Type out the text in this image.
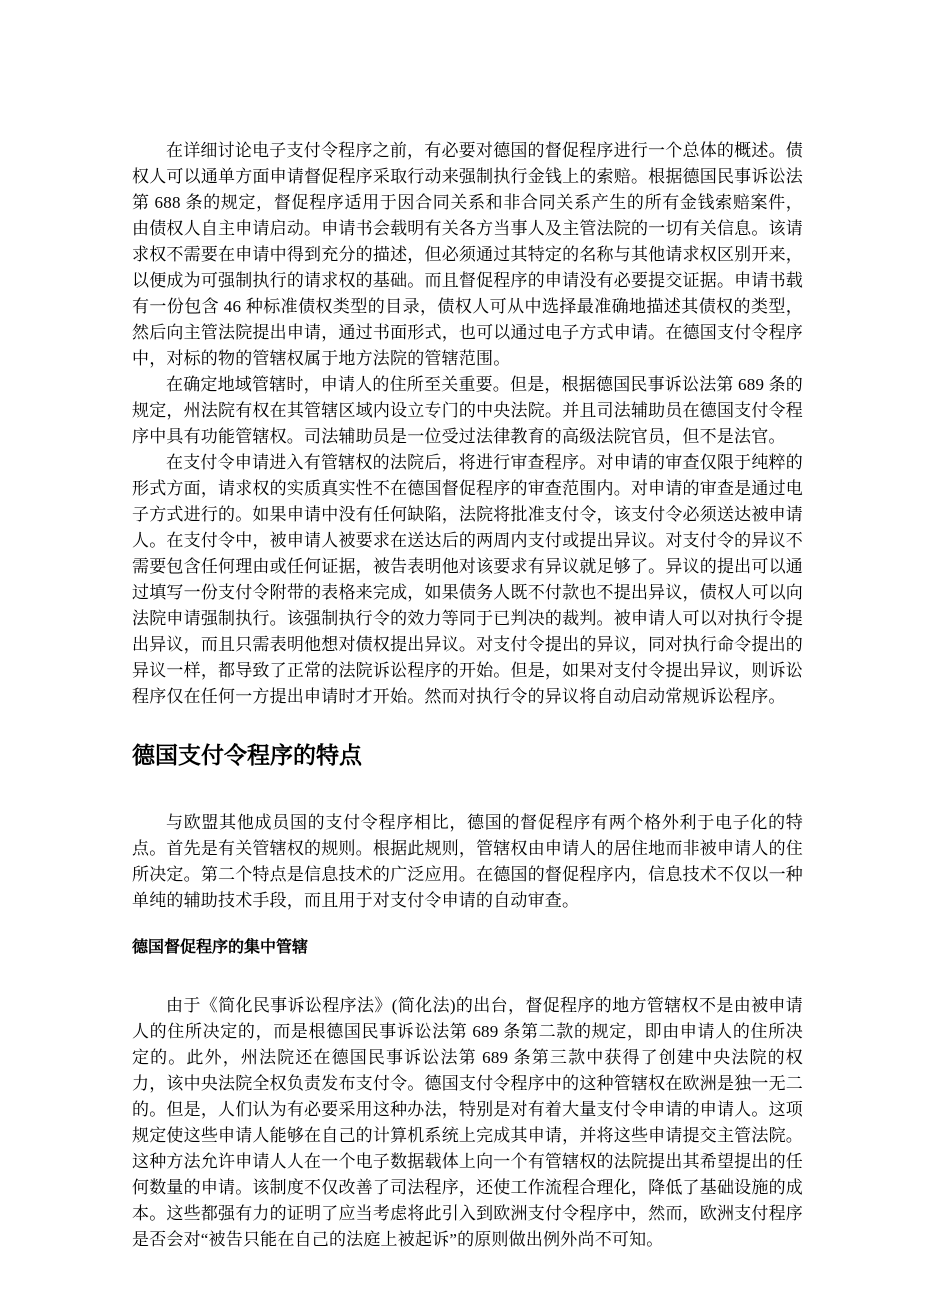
在详细讨论电子支付令程序之前，有必要对德国的督促程序进行一个总体的概述。债权人可以通单方面申请督促程序采取行动来强制执行金钱上的索赔。根据德国民事诉讼法第 688 条的规定，督促程序适用于因合同关系和非合同关系产生的所有金钱索赔案件，由债权人自主申请启动。申请书会载明有关各方当事人及主管法院的一切有关信息。该请求权不需要在申请中得到充分的描述，但必须通过其特定的名称与其他请求权区别开来，以便成为可强制执行的请求权的基础。而且督促程序的申请没有必要提交证据。申请书载有一份包含 46 种标准债权类型的目录，债权人可从中选择最准确地描述其债权的类型，然后向主管法院提出申请，通过书面形式，也可以通过电子方式申请。在德国支付令程序中，对标的物的管辖权属于地方法院的管辖范围。

在确定地域管辖时，申请人的住所至关重要。但是，根据德国民事诉讼法第 689 条的规定，州法院有权在其管辖区域内设立专门的中央法院。并且司法辅助员在德国支付令程序中具有功能管辖权。司法辅助员是一位受过法律教育的高级法院官员，但不是法官。

在支付令申请进入有管辖权的法院后，将进行审查程序。对申请的审查仅限于纯粹的形式方面，请求权的实质真实性不在德国督促程序的审查范围内。对申请的审查是通过电子方式进行的。如果申请中没有任何缺陷，法院将批准支付令，该支付令必须送达被申请人。在支付令中，被申请人被要求在送达后的两周内支付或提出异议。对支付令的异议不需要包含任何理由或任何证据，被告表明他对该要求有异议就足够了。异议的提出可以通过填写一份支付令附带的表格来完成，如果债务人既不付款也不提出异议，债权人可以向法院申请强制执行。该强制执行令的效力等同于已判决的裁判。被申请人可以对执行令提出异议，而且只需表明他想对债权提出异议。对支付令提出的异议，同对执行命令提出的异议一样，都导致了正常的法院诉讼程序的开始。但是，如果对支付令提出异议，则诉讼程序仅在任何一方提出申请时才开始。然而对执行令的异议将自动启动常规诉讼程序。

德国支付令程序的特点

与欧盟其他成员国的支付令程序相比，德国的督促程序有两个格外利于电子化的特点。首先是有关管辖权的规则。根据此规则，管辖权由申请人的居住地而非被申请人的住所决定。第二个特点是信息技术的广泛应用。在德国的督促程序内，信息技术不仅以一种单纯的辅助技术手段，而且用于对支付令申请的自动审查。

德国督促程序的集中管辖

由于《简化民事诉讼程序法》(简化法)的出台，督促程序的地方管辖权不是由被申请人的住所决定的，而是根德国民事诉讼法第 689 条第二款的规定，即由申请人的住所决定的。此外，州法院还在德国民事诉讼法第 689 条第三款中获得了创建中央法院的权力，该中央法院全权负责发布支付令。德国支付令程序中的这种管辖权在欧洲是独一无二的。但是，人们认为有必要采用这种办法，特别是对有着大量支付令申请的申请人。这项规定使这些申请人能够在自己的计算机系统上完成其申请，并将这些申请提交主管法院。这种方法允许申请人人在一个电子数据载体上向一个有管辖权的法院提出其希望提出的任何数量的申请。该制度不仅改善了司法程序，还使工作流程合理化，降低了基础设施的成本。这些都强有力的证明了应当考虑将此引入到欧洲支付令程序中，然而，欧洲支付程序是否会对“被告只能在自己的法庭上被起诉”的原则做出例外尚不可知。
